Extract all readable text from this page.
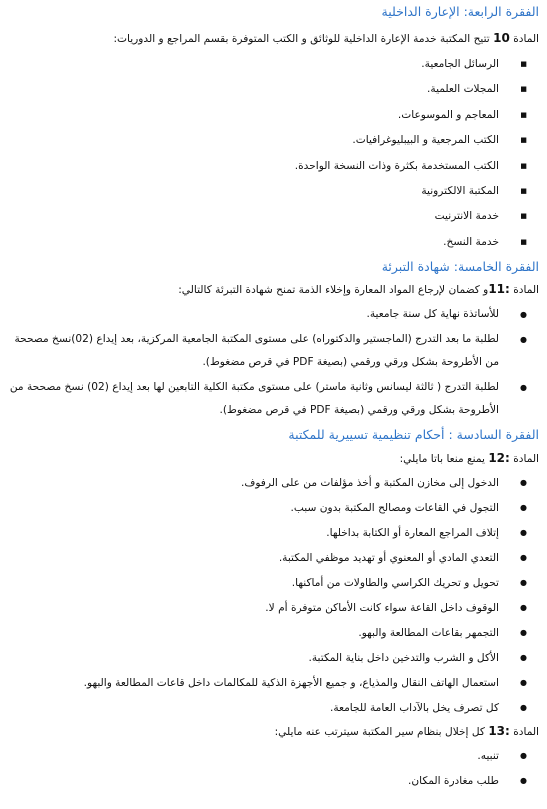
الفقرة الرابعة: الإعارة الداخلية

المادة 10 تتيح المكتبة خدمة الإعارة الداخلية للوثائق و الكتب المتوفرة بقسم المراجع و الدوريات:

■
الرسائل الجامعية.
■
المجلات العلمية.
■
المعاجم و الموسوعات.
■
الكتب المرجعية و البيبليوغرافيات.
■
الكتب المستخدمة بكثرة وذات النسخة الواحدة.
■
المكتبة الالكترونية
■
خدمة الانترنيت
■
خدمة النسخ.

الفقرة الخامسة: شهادة التبرئة

المادة :11و كضمان لإرجاع المواد المعارة وإخلاء الذمة تمنح شهادة التبرئة كالتالي:

●
للأساتذة نهاية كل سنة جامعية.
●
لطلبة ما بعد التدرج (الماجستير والدكتوراه) على مستوى المكتبة الجامعية المركزية، بعد إيداع (02)نسخ مصححة من الأطروحة بشكل ورقي ورقمي (بصيغة PDF في قرص مضغوط).
●
لطلبة التدرج ( ثالثة ليسانس وثانية ماستر) على مستوى مكتبة الكلية التابعين لها بعد إيداع (02) نسخ مصححة من الأطروحة بشكل ورقي ورقمي (بصيغة PDF في قرص مضغوط).

الفقرة السادسة : أحكام تنظيمية تسييرية للمكتبة

المادة :12 يمنع منعا باتا مايلي:

●
الدخول إلى مخازن المكتبة و أخذ مؤلفات من على الرفوف.
●
التجول في القاعات ومصالح المكتبة بدون سبب.
●
إتلاف المراجع المعارة أو الكتابة بداخلها.
●
التعدي المادي أو المعنوي أو تهديد موظفي المكتبة.
●
تحويل و تحريك الكراسي والطاولات من أماكنها.
●
الوقوف داخل القاعة سواء كانت الأماكن متوفرة أم لا.
●
التجمهر بقاعات المطالعة والبهو.
●
الأكل و الشرب والتدخين داخل بناية المكتبة.
●
استعمال الهاتف النقال والمذياع، و جميع الأجهزة الذكية للمكالمات داخل قاعات المطالعة والبهو.
●
كل تصرف يخل بالآداب العامة للجامعة.

المادة :13 كل إخلال بنظام سير المكتبة سيترتب عنه مايلي:

●
تنبيه.
●
طلب مغادرة المكان.
